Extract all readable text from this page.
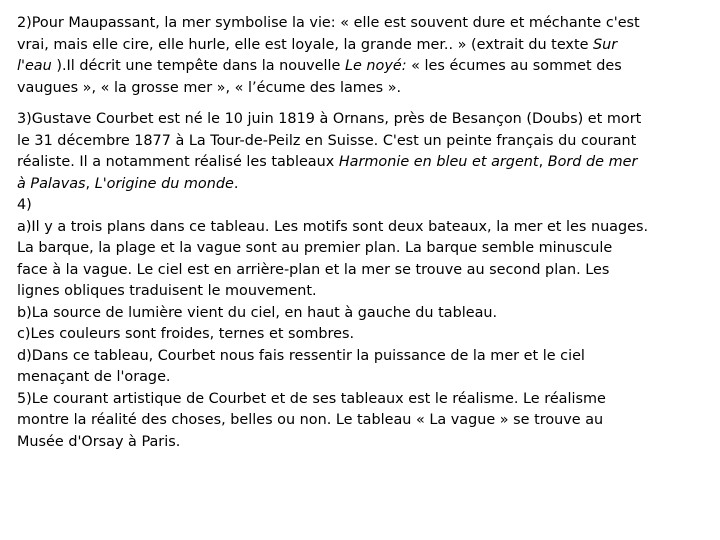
2)Pour Maupassant, la mer symbolise la vie: « elle est souvent dure et méchante c'est
vrai, mais elle cire, elle hurle, elle est loyale, la grande mer.. » (extrait du texte Sur
l'eau ).Il décrit une tempête dans la nouvelle Le noyé: « les écumes au sommet des
vaugues », « la grosse mer », « l’écume des lames ».
3)Gustave Courbet est né le 10 juin 1819 à Ornans, près de Besançon (Doubs) et mort
le 31 décembre 1877 à La Tour-de-Peilz en Suisse. C'est un peinte français du courant
réaliste. Il a notamment réalisé les tableaux Harmonie en bleu et argent, Bord de mer
à Palavas, L'origine du monde.
4)
a)Il y a trois plans dans ce tableau. Les motifs sont deux bateaux, la mer et les nuages.
La barque, la plage et la vague sont au premier plan. La barque semble minuscule
face à la vague. Le ciel est en arrière-plan et la mer se trouve au second plan. Les
lignes obliques traduisent le mouvement.
b)La source de lumière vient du ciel, en haut à gauche du tableau.
c)Les couleurs sont froides, ternes et sombres.
d)Dans ce tableau, Courbet nous fais ressentir la puissance de la mer et le ciel
menaçant de l'orage.
5)Le courant artistique de Courbet et de ses tableaux est le réalisme. Le réalisme
montre la réalité des choses, belles ou non. Le tableau « La vague » se trouve au
Musée d'Orsay à Paris.
